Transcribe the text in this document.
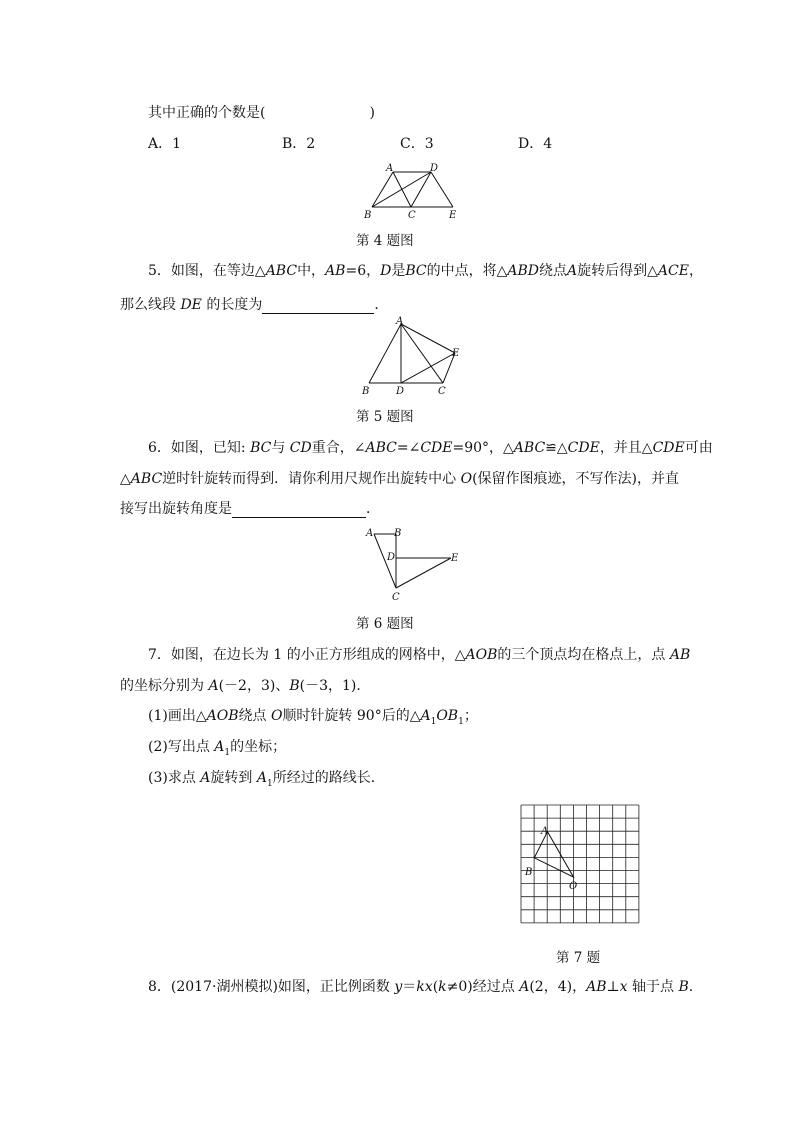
其中正确的个数是(	)
A．1	B．2	C．3	D．4
A	D
B	C	E
第 4 题图
5．如图，在等边△ABC中，AB=6，D是BC的中点，将△ABD绕点A旋转后得到△ACE，
那么线段 DE 的长度为	．
A
E
B	D	C
第 5 题图
6．如图，已知: BC与 CD重合，∠ABC=∠CDE=90°，△ABC≌△CDE，并且△CDE可由
△ABC逆时针旋转而得到．请你利用尺规作出旋转中心 O(保留作图痕迹，不写作法)，并直
接写出旋转角度是	．
A B
D	E
C
第 6 题图
7．如图，在边长为 1 的小正方形组成的网格中，△AOB的三个顶点均在格点上，点 AB
的坐标分别为 A(－2，3)、B(－3，1)．
(1)画出△AOB绕点 O顺时针旋转 90°后的$\triangle A_1OB_1$；
(2)写出点 $A_1$的坐标；
(3)求点 A旋转到 $A_1$所经过的路线长．
A
B
O
第 7 题
8．(2017·湖州模拟)如图，正比例函数 y＝kx(k≠0)经过点 A(2，4)，AB⊥x 轴于点 B.
